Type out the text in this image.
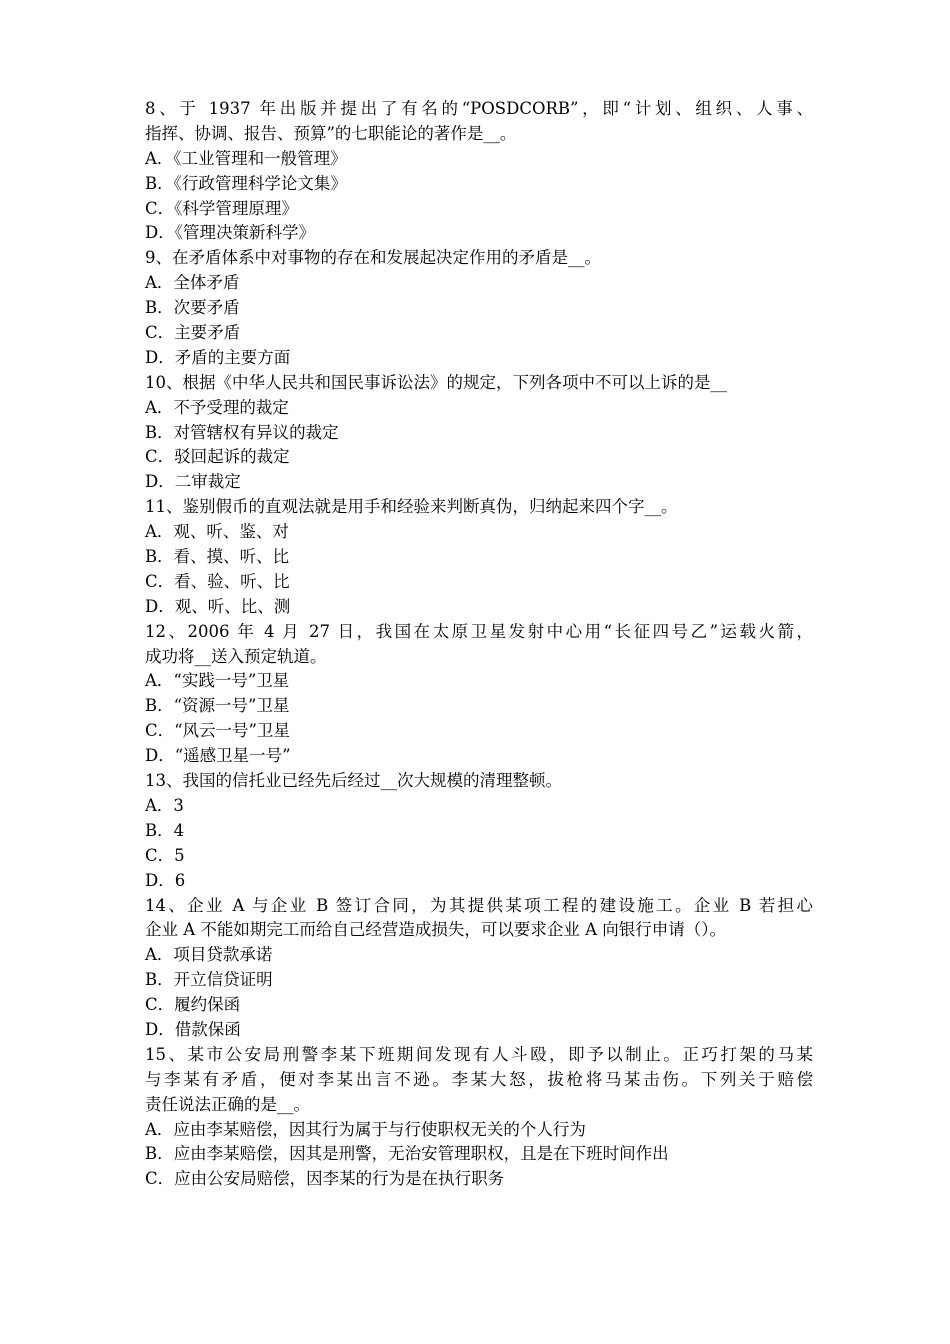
8、于 1937 年出版并提出了有名的“POSDCORB”，即“计划、组织、人事、
指挥、协调、报告、预算”的七职能论的著作是__。
A．《工业管理和一般管理》
B．《行政管理科学论文集》
C．《科学管理原理》
D．《管理决策新科学》
9、在矛盾体系中对事物的存在和发展起决定作用的矛盾是__。
A．全体矛盾
B．次要矛盾
C．主要矛盾
D．矛盾的主要方面
10、根据《中华人民共和国民事诉讼法》的规定，下列各项中不可以上诉的是__
A．不予受理的裁定
B．对管辖权有异议的裁定
C．驳回起诉的裁定
D．二审裁定
11、鉴别假币的直观法就是用手和经验来判断真伪，归纳起来四个字__。
A．观、听、鉴、对
B．看、摸、听、比
C．看、验、听、比
D．观、听、比、测
12、2006 年 4 月 27 日，我国在太原卫星发射中心用“长征四号乙”运载火箭，
成功将__送入预定轨道。
A．“实践一号”卫星
B．“资源一号”卫星
C．“风云一号”卫星
D．“遥感卫星一号”
13、我国的信托业已经先后经过__次大规模的清理整顿。
A．3
B．4
C．5
D．6
14、企业 A 与企业 B 签订合同，为其提供某项工程的建设施工。企业 B 若担心
企业 A 不能如期完工而给自己经营造成损失，可以要求企业 A 向银行申请（）。
A．项目贷款承诺
B．开立信贷证明
C．履约保函
D．借款保函
15、某市公安局刑警李某下班期间发现有人斗殴，即予以制止。正巧打架的马某
与李某有矛盾，便对李某出言不逊。李某大怒，拔枪将马某击伤。下列关于赔偿
责任说法正确的是__。
A．应由李某赔偿，因其行为属于与行使职权无关的个人行为
B．应由李某赔偿，因其是刑警，无治安管理职权，且是在下班时间作出
C．应由公安局赔偿，因李某的行为是在执行职务
